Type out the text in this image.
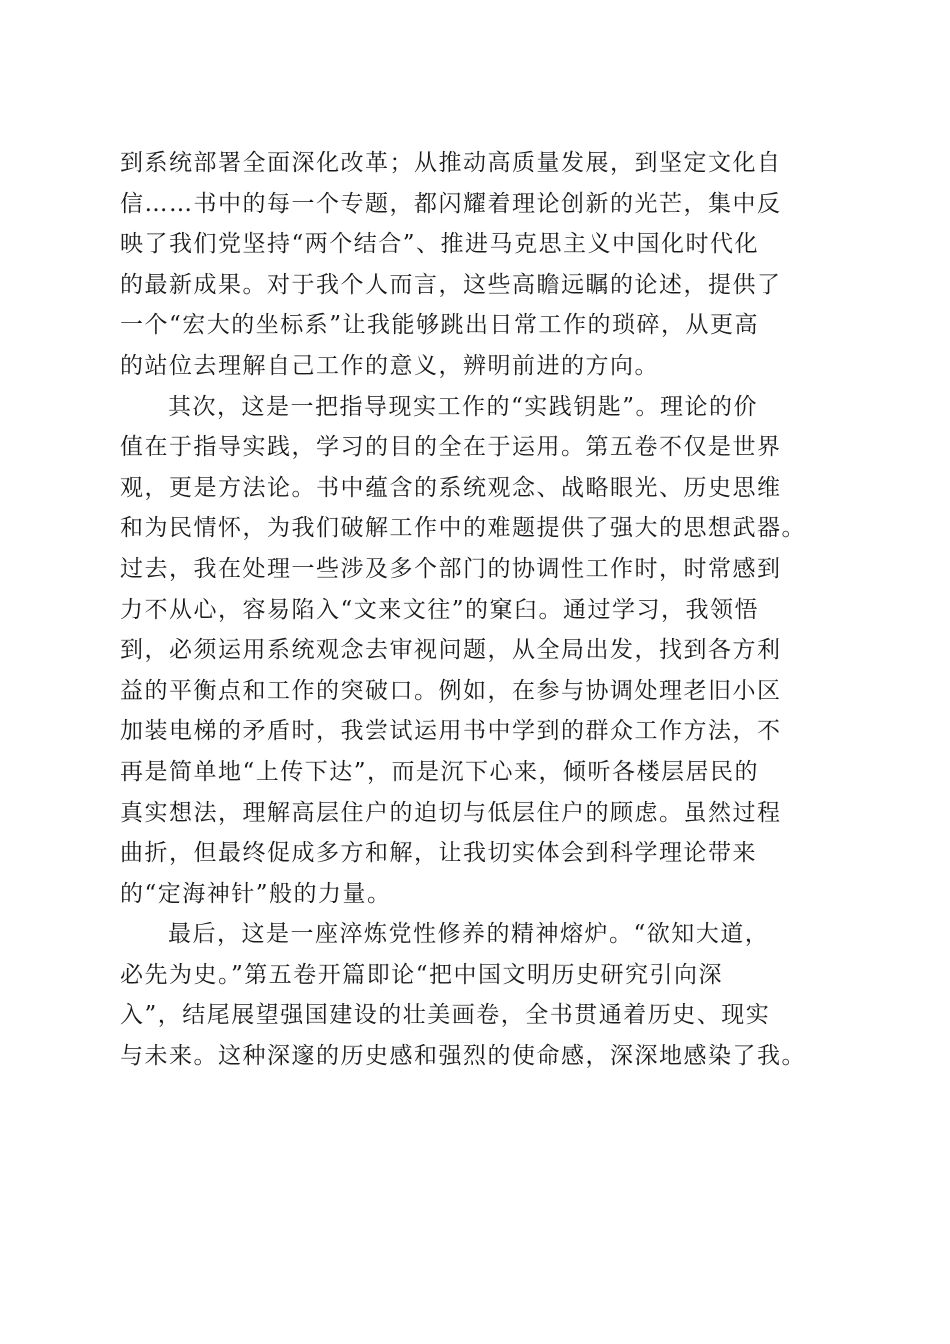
到系统部署全面深化改革；从推动高质量发展，到坚定文化自
信……书中的每一个专题，都闪耀着理论创新的光芒，集中反
映了我们党坚持“两个结合”、推进马克思主义中国化时代化
的最新成果。对于我个人而言，这些高瞻远瞩的论述，提供了
一个“宏大的坐标系”让我能够跳出日常工作的琐碎，从更高
的站位去理解自己工作的意义，辨明前进的方向。
其次，这是一把指导现实工作的“实践钥匙”。理论的价
值在于指导实践，学习的目的全在于运用。第五卷不仅是世界
观，更是方法论。书中蕴含的系统观念、战略眼光、历史思维
和为民情怀，为我们破解工作中的难题提供了强大的思想武器。
过去，我在处理一些涉及多个部门的协调性工作时，时常感到
力不从心，容易陷入“文来文往”的窠臼。通过学习，我领悟
到，必须运用系统观念去审视问题，从全局出发，找到各方利
益的平衡点和工作的突破口。例如，在参与协调处理老旧小区
加装电梯的矛盾时，我尝试运用书中学到的群众工作方法，不
再是简单地“上传下达”，而是沉下心来，倾听各楼层居民的
真实想法，理解高层住户的迫切与低层住户的顾虑。虽然过程
曲折，但最终促成多方和解，让我切实体会到科学理论带来
的“定海神针”般的力量。
最后，这是一座淬炼党性修养的精神熔炉。“欲知大道，
必先为史。”第五卷开篇即论“把中国文明历史研究引向深
入”，结尾展望强国建设的壮美画卷，全书贯通着历史、现实
与未来。这种深邃的历史感和强烈的使命感，深深地感染了我。
